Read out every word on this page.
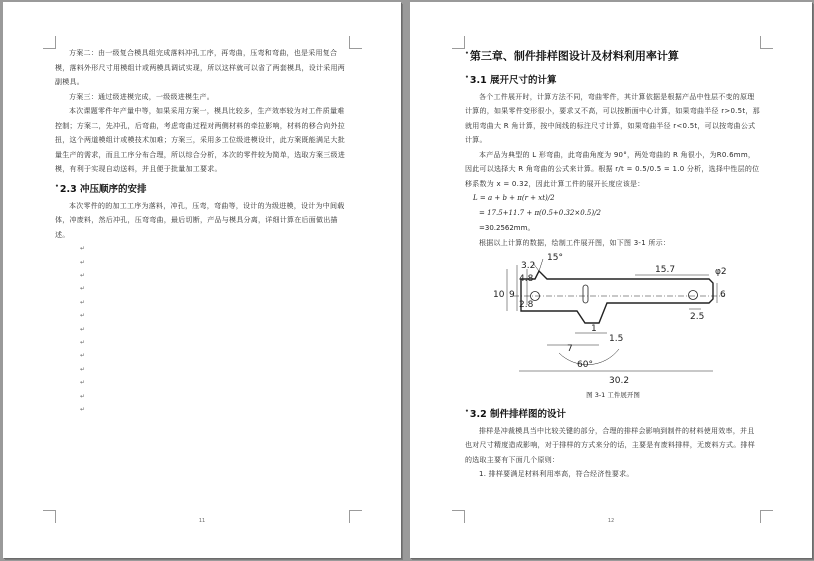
方案二：由一级复合模具组完成落料冲孔工序，再弯曲，压弯和弯曲，也是采用复合模，落料外形尺寸用模组计或两模具调试实现，所以这样就可以省了两套模具，设计采用两副模具。

方案三：通过级进模完成，一级级进模生产。

本次课题零件年产量中等，如果采用方案一，模具比较多，生产效率较为对工件质量难控制；方案二，先冲孔，后弯曲，考虑弯曲过程对两侧材料的牵拉影响，材料的移合向外拉扭，这个两道模组计或模技术加难；方案三，采用多工位级进模设计，此方案既能满足大批量生产的需求，而且工序分布合理，所以综合分析，本次的零件较为简单，选取方案三级进模，有利于实现自动送料，并且便于批量加工要求。

•2.3 冲压顺序的安排

本次零件的的加工工序为落料，冲孔，压弯，弯曲等，设计的为级进模，设计为中间载体，冲废料，然后冲孔，压弯弯曲，最后切断，产品与模具分离，详细计算在后面做出描述。

↵
↵
↵
↵
↵
↵
↵
↵
↵
↵
↵
↵
↵
11
•第三章、制件排样图设计及材料利用率计算
•3.1 展开尺寸的计算

各个工件展开时，计算方法不同，弯曲零件，其计算依据是根据产品中性层不变的原理计算的，如果零件变形很小，要求又不高，可以按断面中心计算，如果弯曲半径 r>0.5t，那就用弯曲大 R 角计算，按中间线的标注尺寸计算，如果弯曲半径 r<0.5t，可以按弯曲公式计算。

本产品为典型的 L 形弯曲，此弯曲角度为 90°，两处弯曲的 R 角很小，为R0.6mm，因此可以选择大 R 角弯曲的公式来计算。根据 r/t = 0.5/0.5 = 1.0 分析，选择中性层的位移系数为 x = 0.32，因此计算工件的展开长度应该是：

L = a + b + π(r + xt)/2
= 17.5+11.7 + π(0.5+0.32×0.5)/2
=30.2562mm。

根据以上计算的数据，绘制工件展开图，如下图 3-1 所示：

15°
3.2	15.7	φ2
10 9
4.8
2.8
6
1
1.5
2.5
7
60°
30.2
图 3-1 工件展开图
•3.2 制件排样图的设计

排样是冲裁模具当中比较关键的部分，合理的排样会影响到制件的材料使用效率，并且也对尺寸精度造成影响，对于排样的方式来分的话，主要是有废料排样，无废料方式。排样的选取主要有下面几个原则：

1. 排样要满足材料利用率高，符合经济性要求。

12
